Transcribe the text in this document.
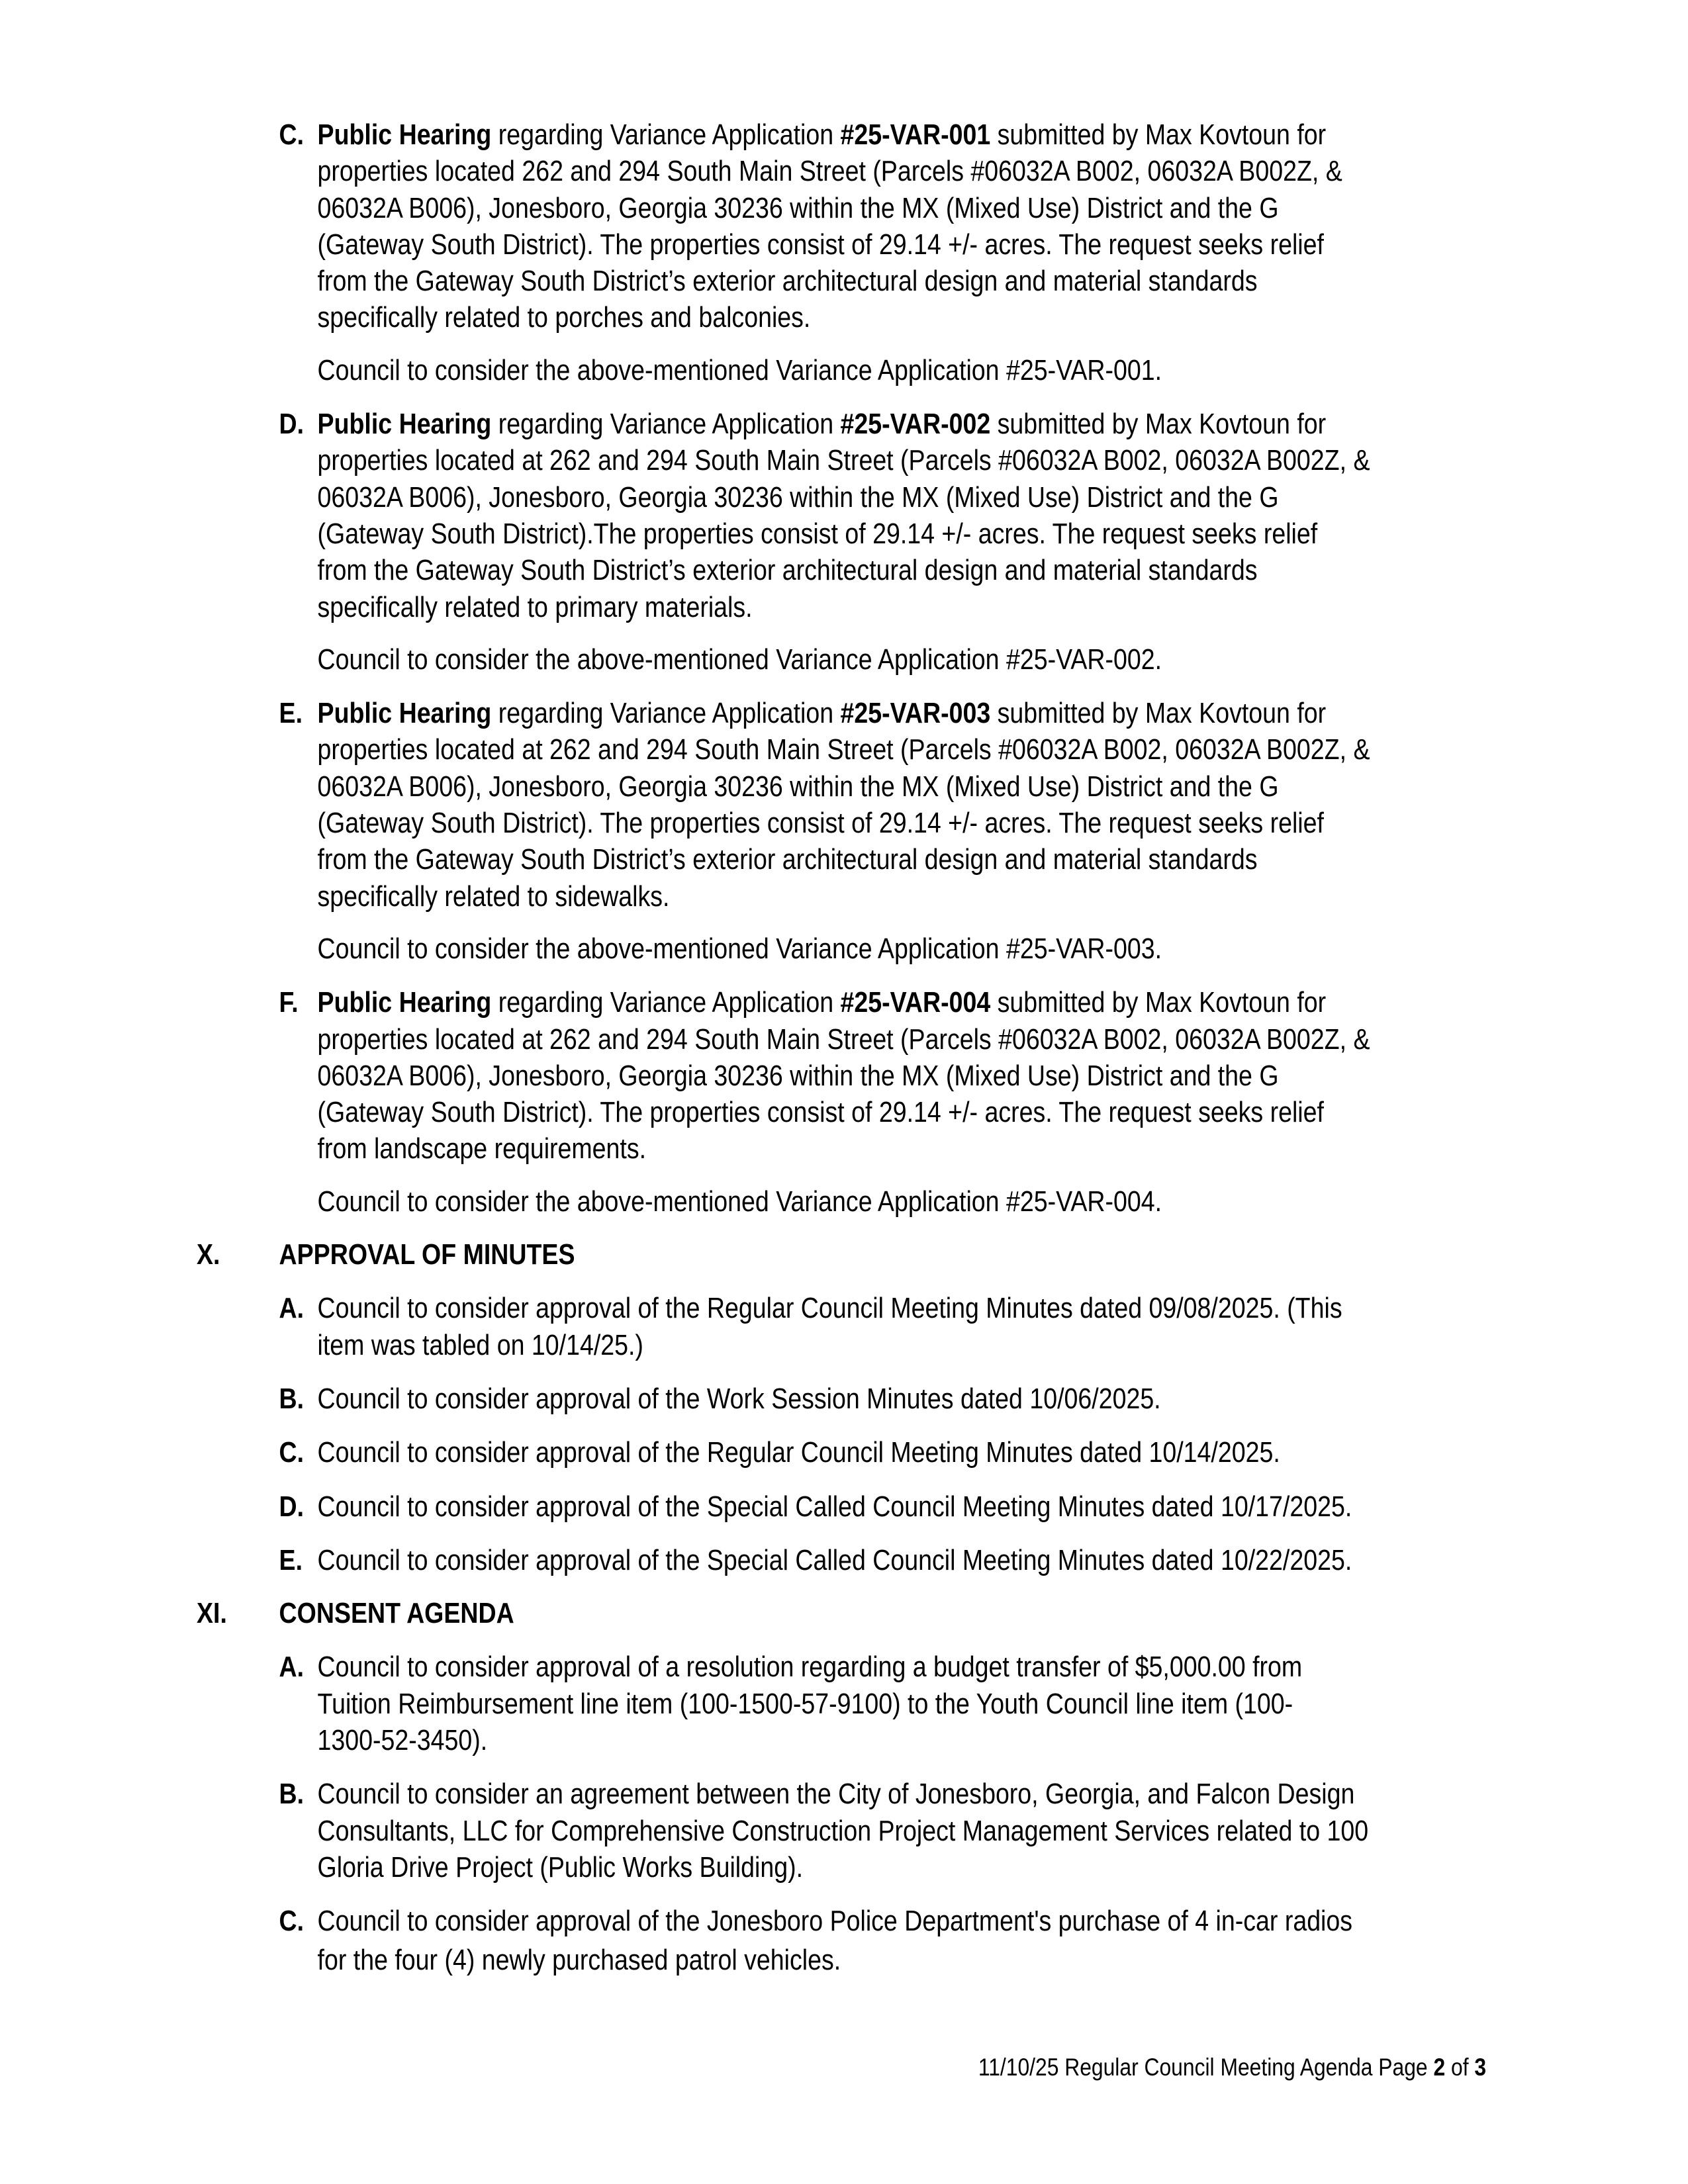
C. Public Hearing regarding Variance Application #25-VAR-001 submitted by Max Kovtoun for
properties located 262 and 294 South Main Street (Parcels #06032A B002, 06032A B002Z, &
06032A B006), Jonesboro, Georgia 30236 within the MX (Mixed Use) District and the G
(Gateway South District). The properties consist of 29.14 +/- acres. The request seeks relief
from the Gateway South District’s exterior architectural design and material standards
specifically related to porches and balconies.
Council to consider the above-mentioned Variance Application #25-VAR-001.
D. Public Hearing regarding Variance Application #25-VAR-002 submitted by Max Kovtoun for
properties located at 262 and 294 South Main Street (Parcels #06032A B002, 06032A B002Z, &
06032A B006), Jonesboro, Georgia 30236 within the MX (Mixed Use) District and the G
(Gateway South District).The properties consist of 29.14 +/- acres. The request seeks relief
from the Gateway South District’s exterior architectural design and material standards
specifically related to primary materials.
Council to consider the above-mentioned Variance Application #25-VAR-002.
E. Public Hearing regarding Variance Application #25-VAR-003 submitted by Max Kovtoun for
properties located at 262 and 294 South Main Street (Parcels #06032A B002, 06032A B002Z, &
06032A B006), Jonesboro, Georgia 30236 within the MX (Mixed Use) District and the G
(Gateway South District). The properties consist of 29.14 +/- acres. The request seeks relief
from the Gateway South District’s exterior architectural design and material standards
specifically related to sidewalks.
Council to consider the above-mentioned Variance Application #25-VAR-003.
F. Public Hearing regarding Variance Application #25-VAR-004 submitted by Max Kovtoun for
properties located at 262 and 294 South Main Street (Parcels #06032A B002, 06032A B002Z, &
06032A B006), Jonesboro, Georgia 30236 within the MX (Mixed Use) District and the G
(Gateway South District). The properties consist of 29.14 +/- acres. The request seeks relief
from landscape requirements.
Council to consider the above-mentioned Variance Application #25-VAR-004.
X. APPROVAL OF MINUTES
A. Council to consider approval of the Regular Council Meeting Minutes dated 09/08/2025. (This
item was tabled on 10/14/25.)
B. Council to consider approval of the Work Session Minutes dated 10/06/2025.
C. Council to consider approval of the Regular Council Meeting Minutes dated 10/14/2025.
D. Council to consider approval of the Special Called Council Meeting Minutes dated 10/17/2025.
E. Council to consider approval of the Special Called Council Meeting Minutes dated 10/22/2025.
XI. CONSENT AGENDA
A. Council to consider approval of a resolution regarding a budget transfer of $5,000.00 from
Tuition Reimbursement line item (100-1500-57-9100) to the Youth Council line item (100-
1300-52-3450).
B. Council to consider an agreement between the City of Jonesboro, Georgia, and Falcon Design
Consultants, LLC for Comprehensive Construction Project Management Services related to 100
Gloria Drive Project (Public Works Building).
C. Council to consider approval of the Jonesboro Police Department's purchase of 4 in-car radios
for the four (4) newly purchased patrol vehicles.
11/10/25 Regular Council Meeting Agenda Page 2 of 3
